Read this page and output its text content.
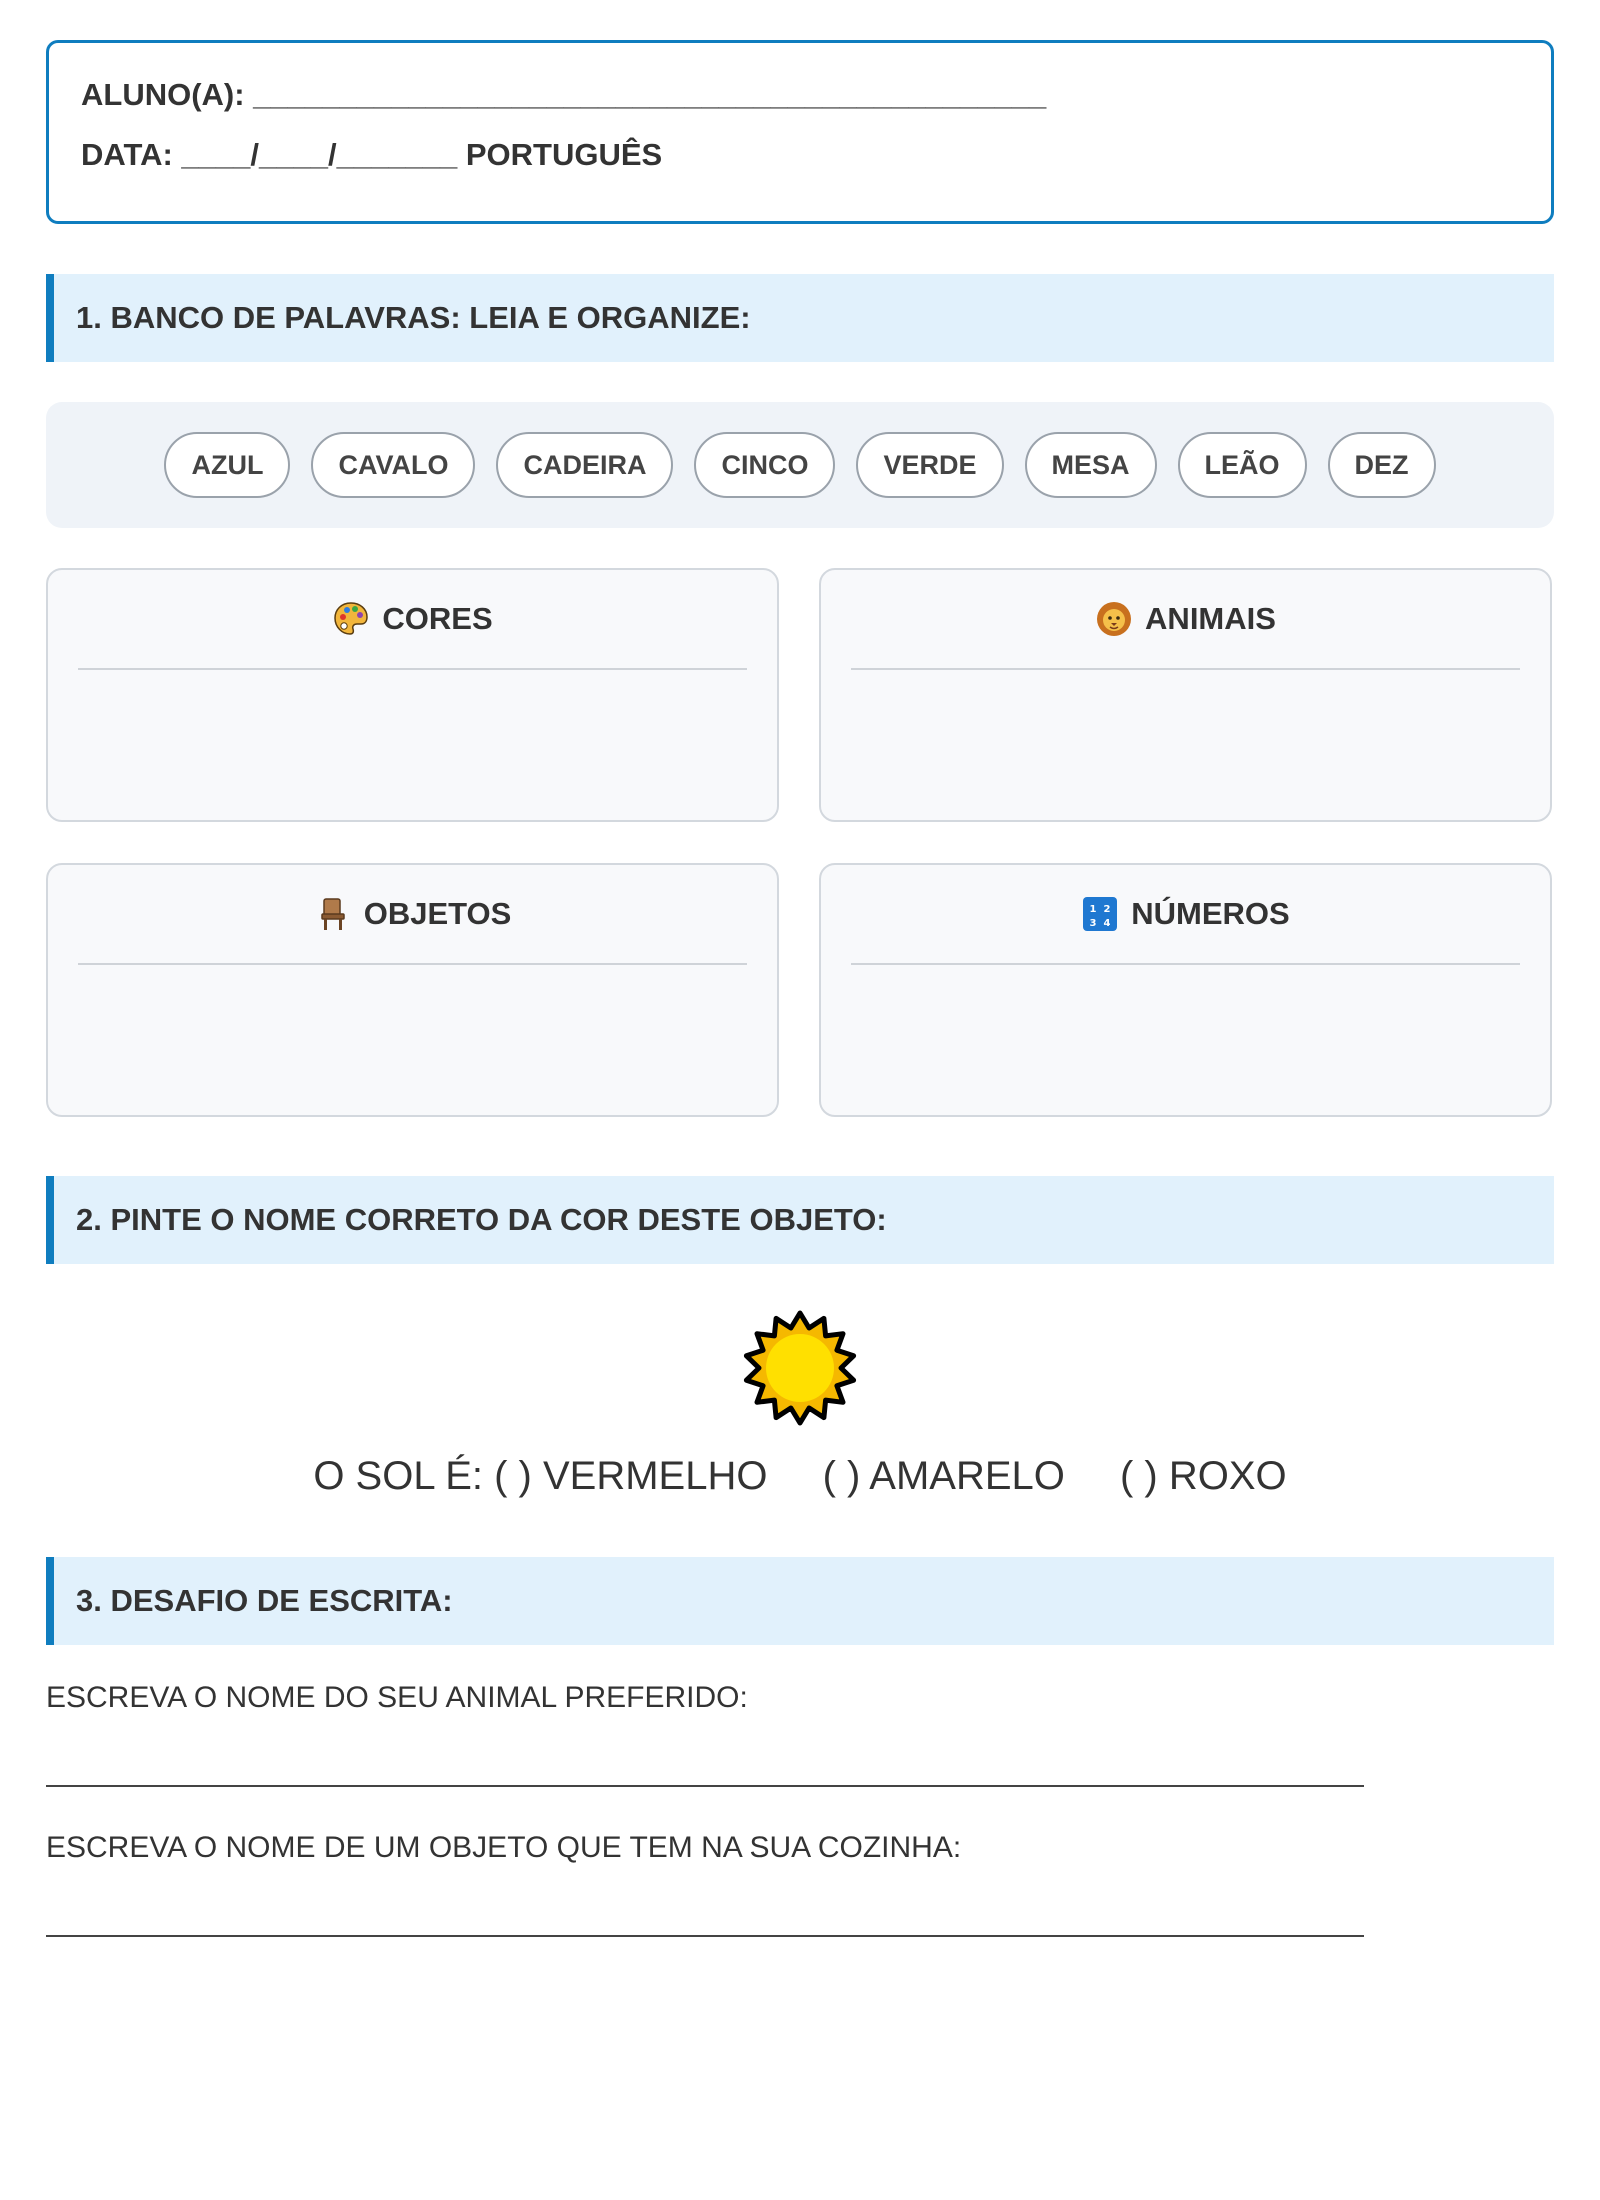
ALUNO(A): ______________________________________________
DATA: ____/____/_______ PORTUGUÊS
1. BANCO DE PALAVRAS: LEIA E ORGANIZE:
AZUL	CAVALO	CADEIRA	CINCO	VERDE	MESA	LEÃO	DEZ
CORES	ANIMAIS
OBJETOS	1 2
3 4 NÚMEROS
2. PINTE O NOME CORRETO DA COR DESTE OBJETO:
O SOL É: ( ) VERMELHO ( ) AMARELO ( ) ROXO
3. DESAFIO DE ESCRITA:
ESCREVA O NOME DO SEU ANIMAL PREFERIDO:
ESCREVA O NOME DE UM OBJETO QUE TEM NA SUA COZINHA:
